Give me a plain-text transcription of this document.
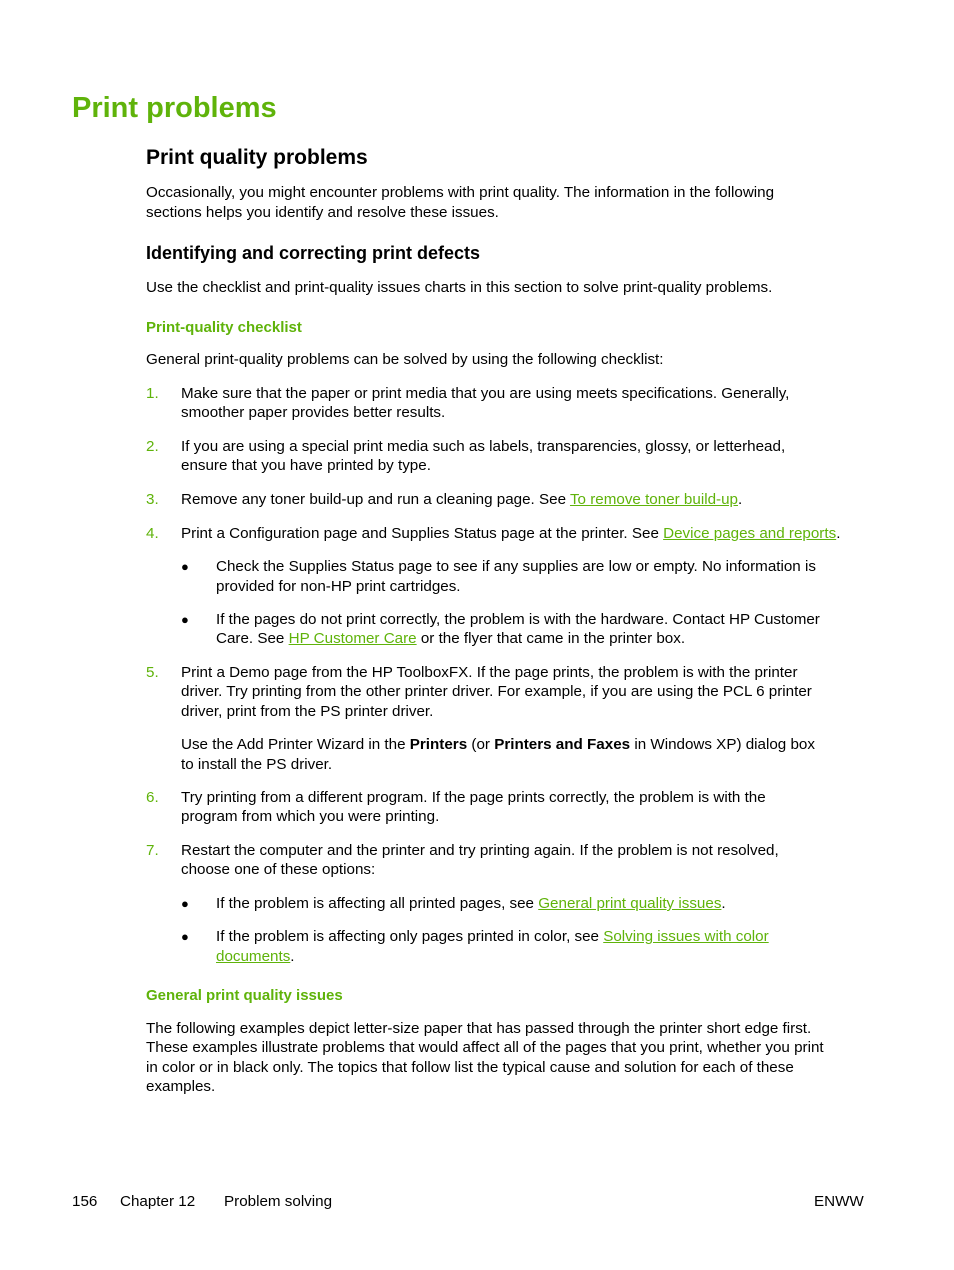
Print problems
Print quality problems

Occasionally, you might encounter problems with print quality. The information in the following

sections helps you identify and resolve these issues.

Identifying and correcting print defects

Use the checklist and print-quality issues charts in this section to solve print-quality problems.

Print-quality checklist

General print-quality problems can be solved by using the following checklist:

1. Make sure that the paper or print media that you are using meets specifications. Generally,

smoother paper provides better results.

2. If you are using a special print media such as labels, transparencies, glossy, or letterhead,

ensure that you have printed by type.

3. Remove any toner build-up and run a cleaning page. See To remove toner build-up.

4. Print a Configuration page and Supplies Status page at the printer. See Device pages and reports.

● Check the Supplies Status page to see if any supplies are low or empty. No information is

provided for non-HP print cartridges.

● If the pages do not print correctly, the problem is with the hardware. Contact HP Customer

Care. See HP Customer Care or the flyer that came in the printer box.

5. Print a Demo page from the HP ToolboxFX. If the page prints, the problem is with the printer

driver. Try printing from the other printer driver. For example, if you are using the PCL 6 printer

driver, print from the PS printer driver.

Use the Add Printer Wizard in the Printers (or Printers and Faxes in Windows XP) dialog box

to install the PS driver.

6. Try printing from a different program. If the page prints correctly, the problem is with the

program from which you were printing.

7. Restart the computer and the printer and try printing again. If the problem is not resolved,

choose one of these options:

● If the problem is affecting all printed pages, see General print quality issues.

● If the problem is affecting only pages printed in color, see Solving issues with color

documents.

General print quality issues

The following examples depict letter-size paper that has passed through the printer short edge first.

These examples illustrate problems that would affect all of the pages that you print, whether you print

in color or in black only. The topics that follow list the typical cause and solution for each of these

examples.

156 Chapter 12 Problem solving	ENWW
